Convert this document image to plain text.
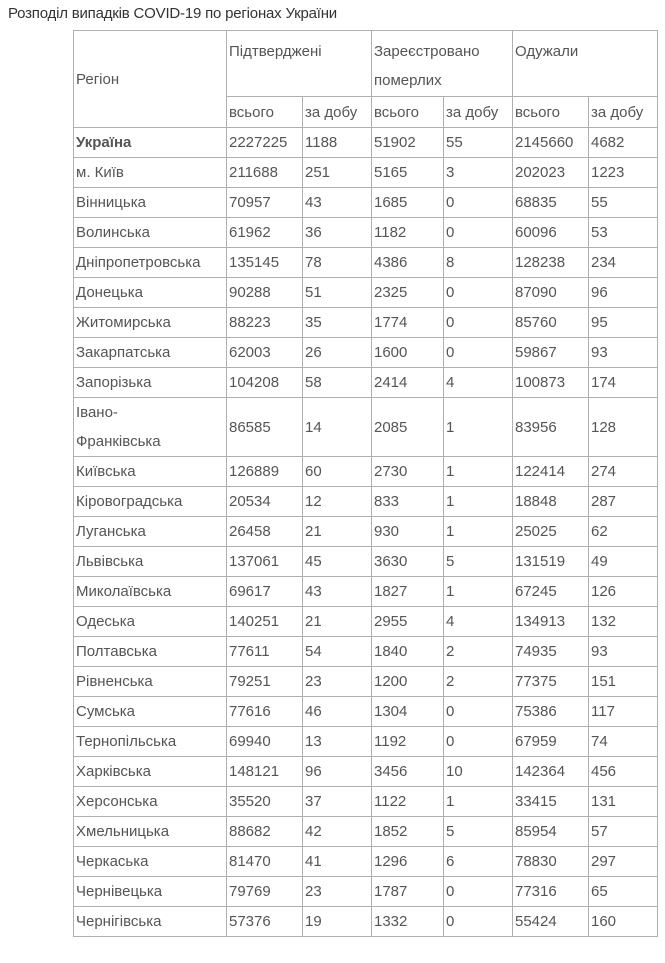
Розподіл випадків COVID-19 по регіонах України
Регіон	Підтверджені		Зареєстровано померлих		Одужали	
	всього	за добу	всього	за добу	всього	за добу
Україна	2227225	1188	51902	55	2145660	4682
м. Київ	211688	251	5165	3	202023	1223
Вінницька	70957	43	1685	0	68835	55
Волинська	61962	36	1182	0	60096	53
Дніпропетровська	135145	78	4386	8	128238	234
Донецька	90288	51	2325	0	87090	96
Житомирська	88223	35	1774	0	85760	95
Закарпатська	62003	26	1600	0	59867	93
Запорізька	104208	58	2414	4	100873	174
Івано-
Франківська	86585	14	2085	1	83956	128
Київська	126889	60	2730	1	122414	274
Кіровоградська	20534	12	833	1	18848	287
Луганська	26458	21	930	1	25025	62
Львівська	137061	45	3630	5	131519	49
Миколаївська	69617	43	1827	1	67245	126
Одеська	140251	21	2955	4	134913	132
Полтавська	77611	54	1840	2	74935	93
Рівненська	79251	23	1200	2	77375	151
Сумська	77616	46	1304	0	75386	117
Тернопільська	69940	13	1192	0	67959	74
Харківська	148121	96	3456	10	142364	456
Херсонська	35520	37	1122	1	33415	131
Хмельницька	88682	42	1852	5	85954	57
Черкаська	81470	41	1296	6	78830	297
Чернівецька	79769	23	1787	0	77316	65
Чернігівська	57376	19	1332	0	55424	160
